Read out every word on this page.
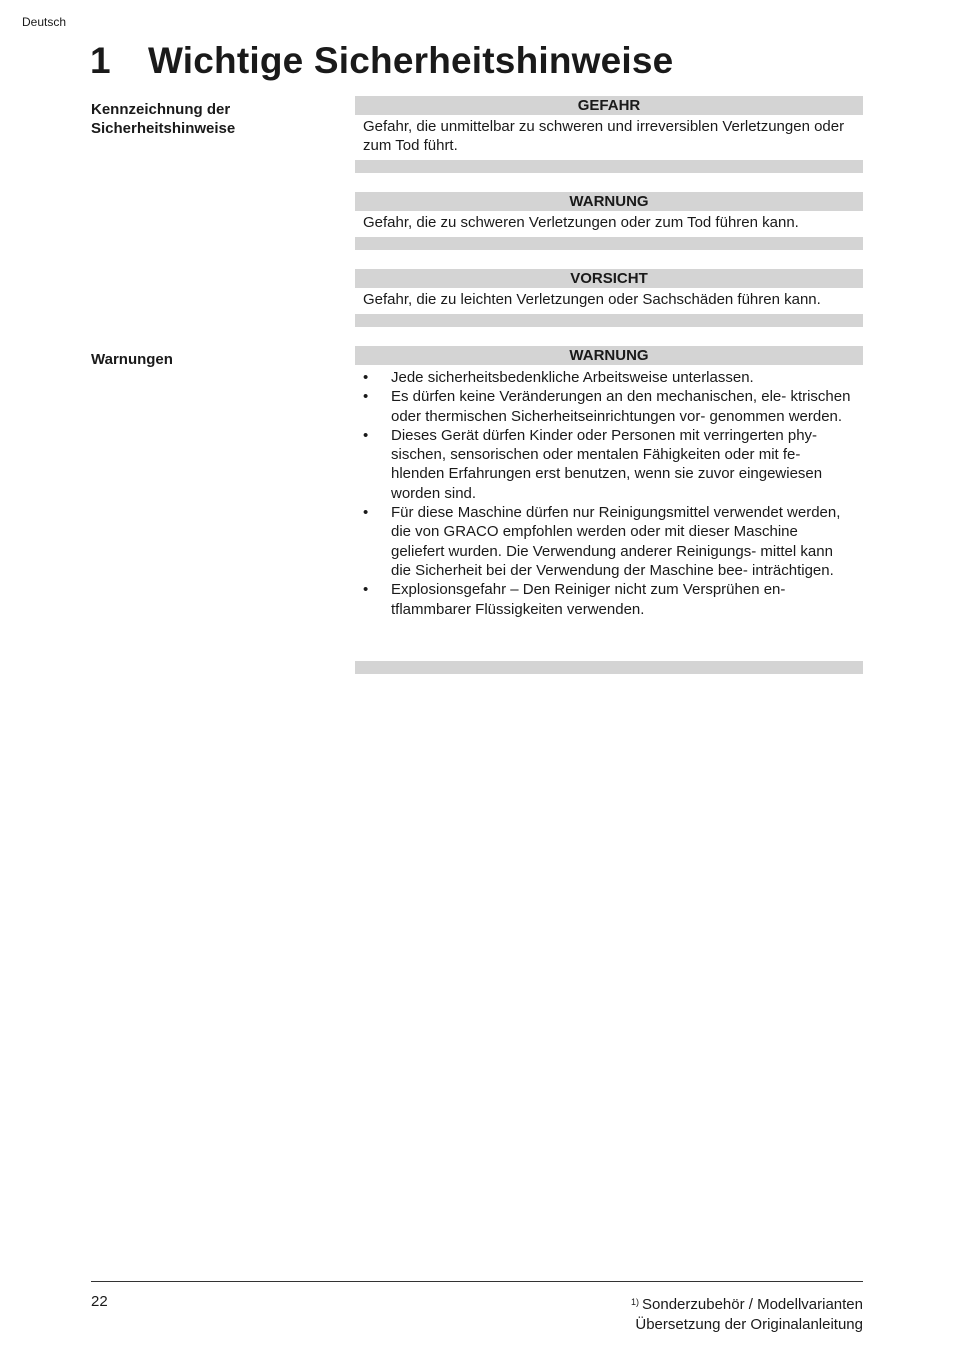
Deutsch
1 Wichtige Sicherheitshinweise
Kennzeichnung der
Sicherheitshinweise
Warnungen
GEFAHR
Gefahr, die unmittelbar zu schweren und irreversiblen Verletzungen oder zum Tod führt.
WARNUNG
Gefahr, die zu schweren Verletzungen oder zum Tod führen kann.
VORSICHT
Gefahr, die zu leichten Verletzungen oder Sachschäden führen kann.
WARNUNG
• Jede sicherheitsbedenkliche Arbeitsweise unterlassen.
• Es dürfen keine Veränderungen an den mechanischen, ele- ktrischen oder thermischen Sicherheitseinrichtungen vor- genommen werden.
• Dieses Gerät dürfen Kinder oder Personen mit verringerten phy- sischen, sensorischen oder mentalen Fähigkeiten oder mit fe- hlenden Erfahrungen erst benutzen, wenn sie zuvor eingewiesen worden sind.
• Für diese Maschine dürfen nur Reinigungsmittel verwendet werden, die von GRACO empfohlen werden oder mit dieser Maschine geliefert wurden. Die Verwendung anderer Reinigungs- mittel kann die Sicherheit bei der Verwendung der Maschine bee- inträchtigen.
• Explosionsgefahr – Den Reiniger nicht zum Versprühen en- tflammbarer Flüssigkeiten verwenden.
22	$^{1)}$ Sonderzubehör / Modellvarianten
Übersetzung der Originalanleitung
